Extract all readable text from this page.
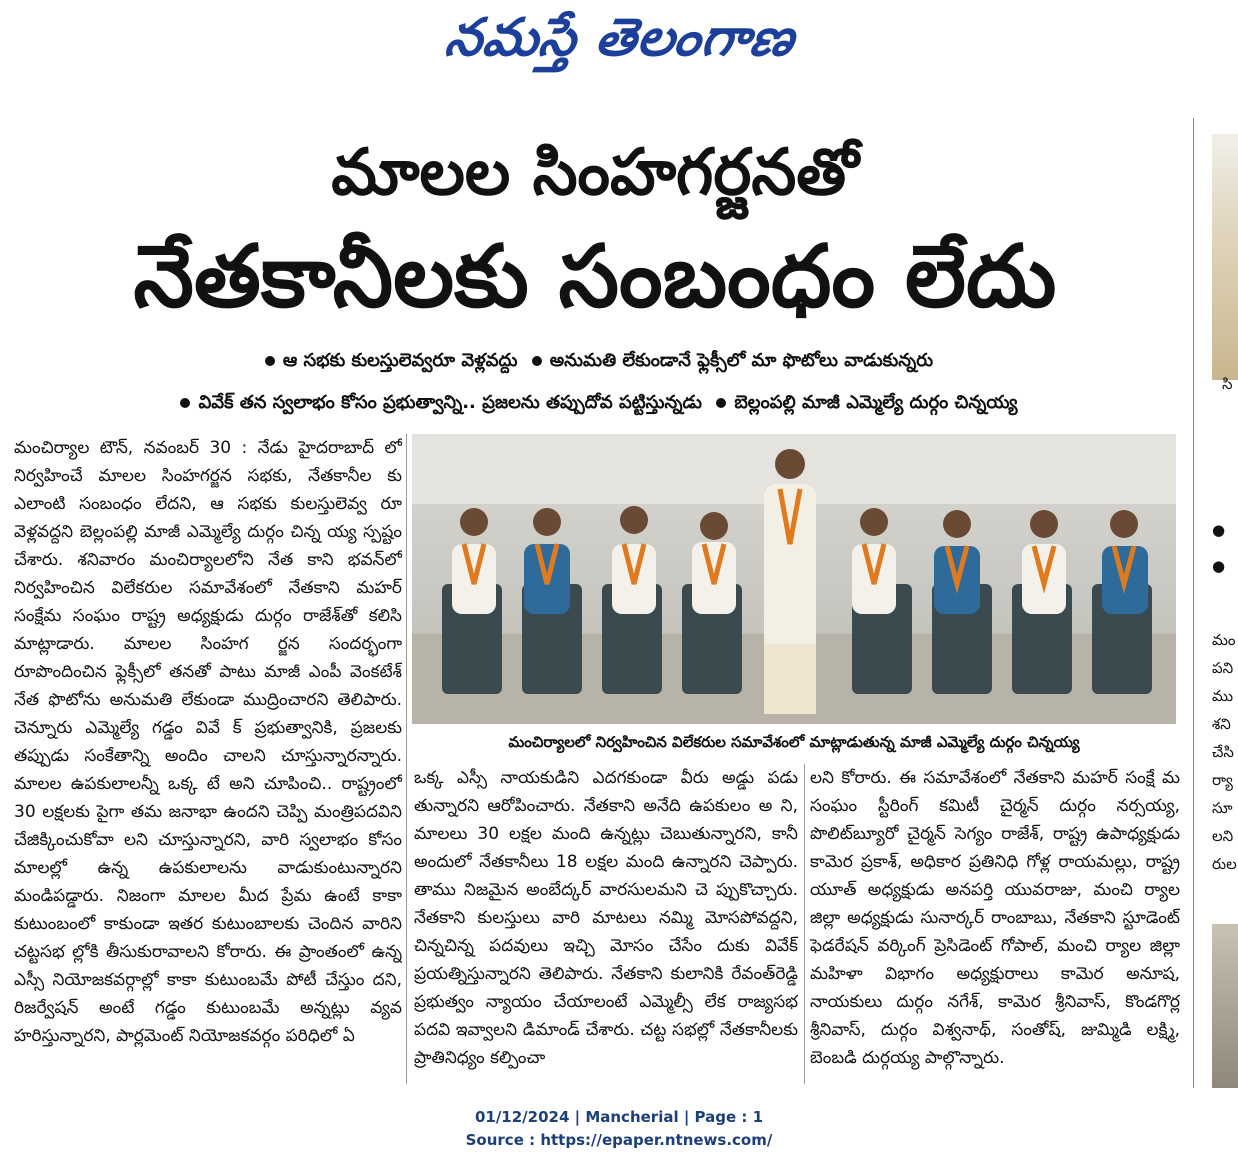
నమస్తే తెలంగాణ
మాలల సింహగర్జనతో
నేతకానీలకు సంబంధం లేదు
ఆ సభకు కులస్తులెవ్వరూ వెళ్లవద్దు అనుమతి లేకుండానే ఫ్లెక్సీలో మా ఫొటోలు వాడుకున్నరు
వివేక్ తన స్వలాభం కోసం ప్రభుత్వాన్ని.. ప్రజలను తప్పుదోవ పట్టిస్తున్నడు బెల్లంపల్లి మాజీ ఎమ్మెల్యే దుర్గం చిన్నయ్య

మంచిర్యాల టౌన్, నవంబర్ 30 : నేడు హైదరాబాద్ లో నిర్వహించే మాలల సింహగర్జన సభకు, నేతకానీల కు ఎలాంటి సంబంధం లేదని, ఆ సభకు కులస్తులెవ్వ రూ వెళ్లవద్దని బెల్లంపల్లి మాజీ ఎమ్మెల్యే దుర్గం చిన్న య్య స్పష్టం చేశారు. శనివారం మంచిర్యాలలోని నేత కాని భవన్‌లో నిర్వహించిన విలేకరుల సమావేశంలో నేతకాని మహర్ సంక్షేమ సంఘం రాష్ట్ర అధ్యక్షుడు దుర్గం రాజేశ్‌తో కలిసి మాట్లాడారు. మాలల సింహగ ర్జన సందర్భంగా రూపొందించిన ఫ్లెక్సీలో తనతో పాటు మాజీ ఎంపీ వెంకటేశ్ నేత ఫొటోను అనుమతి లేకుండా ముద్రించారని తెలిపారు. చెన్నూరు ఎమ్మెల్యే గడ్డం వివే క్ ప్రభుత్వానికి, ప్రజలకు తప్పుడు సంకేతాన్ని అందిం చాలని చూస్తున్నారన్నారు. మాలల ఉపకులాలన్నీ ఒక్క టే అని చూపించి.. రాష్ట్రంలో 30 లక్షలకు పైగా తమ జనాభా ఉందని చెప్పి మంత్రిపదవిని చేజిక్కించుకోవా లని చూస్తున్నారని, వారి స్వలాభం కోసం మాలల్లో ఉన్న ఉపకులాలను వాడుకుంటున్నారని మండిపడ్డారు. నిజంగా మాలల మీద ప్రేమ ఉంటే కాకా కుటుంబంలో కాకుండా ఇతర కుటుంబాలకు చెందిన వారిని చట్టసభ ల్లోకి తీసుకురావాలని కోరారు. ఈ ప్రాంతంలో ఉన్న ఎస్సీ నియోజకవర్గాల్లో కాకా కుటుంబమే పోటీ చేస్తుం దని, రిజర్వేషన్ అంటే గడ్డం కుటుంబమే అన్నట్లు వ్యవ హరిస్తున్నారని, పార్లమెంట్ నియోజకవర్గం పరిధిలో ఏ

మంచిర్యాలలో నిర్వహించిన విలేకరుల సమావేశంలో మాట్లాడుతున్న మాజీ ఎమ్మెల్యే దుర్గం చిన్నయ్య

ఒక్క ఎస్సీ నాయకుడిని ఎదగకుండా వీరు అడ్డు పడు తున్నారని ఆరోపించారు. నేతకాని అనేది ఉపకులం అ ని, మాలలు 30 లక్షల మంది ఉన్నట్లు చెబుతున్నారని, కానీ అందులో నేతకానీలు 18 లక్షల మంది ఉన్నారని చెప్పారు. తాము నిజమైన అంబేద్కర్ వారసులమని చె ప్పుకొచ్చారు. నేతకాని కులస్తులు వారి మాటలు నమ్మి మోసపోవద్దని, చిన్నచిన్న పదవులు ఇచ్చి మోసం చేసేం దుకు వివేక్ ప్రయత్నిస్తున్నారని తెలిపారు. నేతకాని కులానికి రేవంత్‌రెడ్డి ప్రభుత్వం న్యాయం చేయాలంటే ఎమ్మెల్సీ లేక రాజ్యసభ పదవి ఇవ్వాలని డిమాండ్ చేశారు. చట్ట సభల్లో నేతకానీలకు ప్రాతినిధ్యం కల్పించా

లని కోరారు. ఈ సమావేశంలో నేతకాని మహర్ సంక్షే మ సంఘం స్టీరింగ్ కమిటీ చైర్మన్ దుర్గం నర్సయ్య, పొలిట్‌బ్యూరో చైర్మన్ సెగ్యం రాజేశ్, రాష్ట్ర ఉపాధ్యక్షుడు కామెర ప్రకాశ్, అధికార ప్రతినిధి గోళ్ల రాయమల్లు, రాష్ట్ర యూత్ అధ్యక్షుడు అనపర్తి యువరాజు, మంచి ర్యాల జిల్లా అధ్యక్షుడు సునార్కర్ రాంబాబు, నేతకాని స్టూడెంట్ ఫెడరేషన్ వర్కింగ్ ప్రెసిడెంట్ గోపాల్, మంచి ర్యాల జిల్లా మహిళా విభాగం అధ్యక్షురాలు కామెర అనూష, నాయకులు దుర్గం నగేశ్, కామెర శ్రీనివాస్, కొండగొర్ల శ్రీనివాస్, దుర్గం విశ్వనాథ్, సంతోష్, జుమ్మిడి లక్ష్మి, బెంబడి దుర్గయ్య పాల్గొన్నారు.

సి
●
●
మం
పని
ము
శని
చేసి
ర్యా
సూ
లని
రుల
01/12/2024 | Mancherial | Page : 1
Source : https://epaper.ntnews.com/
